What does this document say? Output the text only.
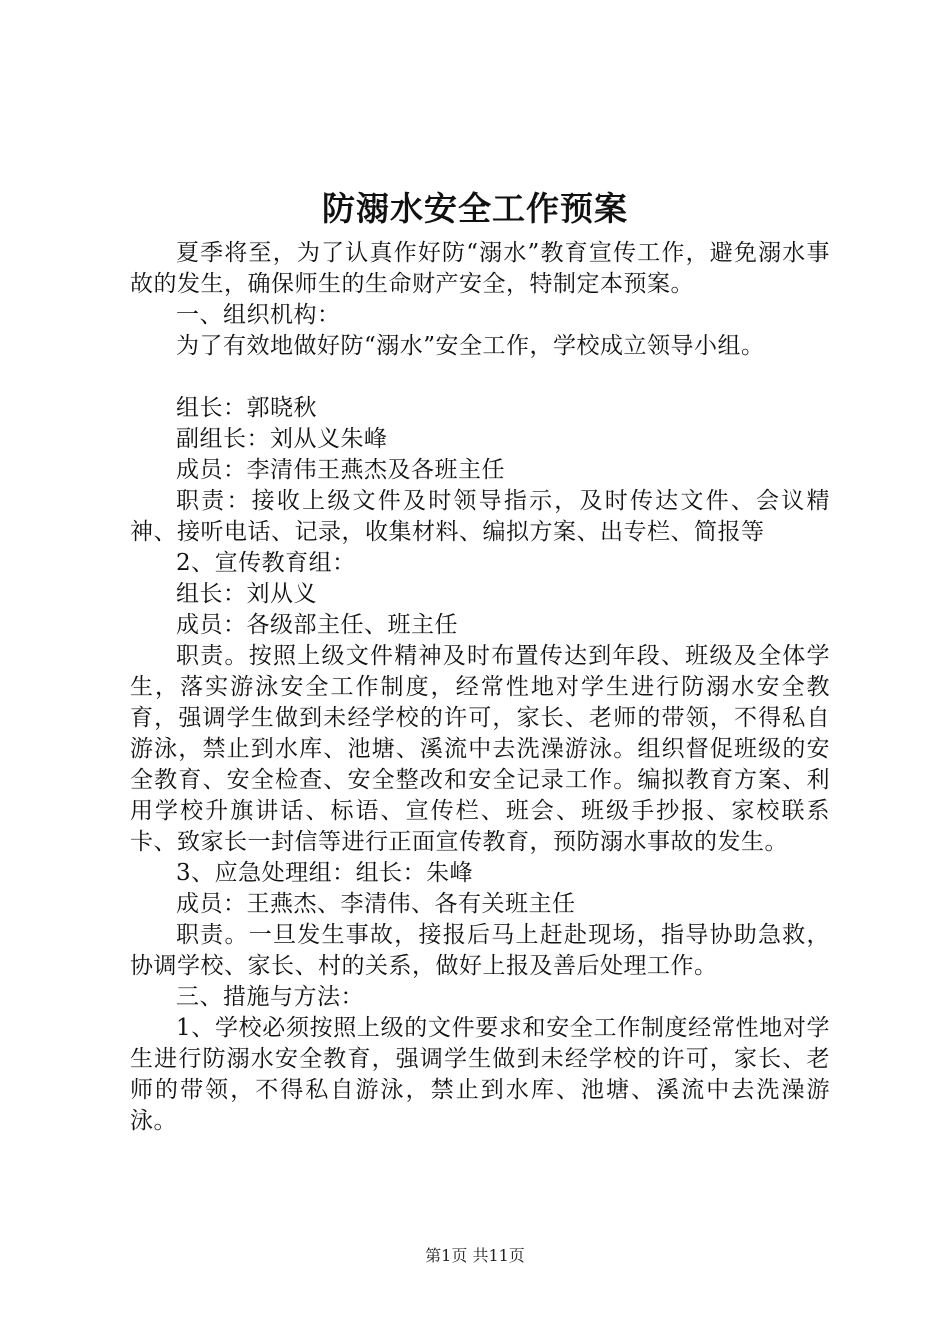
防溺水安全工作预案

夏季将至，为了认真作好防“溺水”教育宣传工作，避免溺水事故的发生，确保师生的生命财产安全，特制定本预案。

一、组织机构：

为了有效地做好防“溺水”安全工作，学校成立领导小组。

组长：郭晓秋

副组长：刘从义朱峰

成员：李清伟王燕杰及各班主任

职责：接收上级文件及时领导指示，及时传达文件、会议精神、接听电话、记录，收集材料、编拟方案、出专栏、简报等

2、宣传教育组：

组长：刘从义

成员：各级部主任、班主任

职责。按照上级文件精神及时布置传达到年段、班级及全体学生，落实游泳安全工作制度，经常性地对学生进行防溺水安全教育，强调学生做到未经学校的许可，家长、老师的带领，不得私自游泳，禁止到水库、池塘、溪流中去洗澡游泳。组织督促班级的安全教育、安全检查、安全整改和安全记录工作。编拟教育方案、利用学校升旗讲话、标语、宣传栏、班会、班级手抄报、家校联系卡、致家长一封信等进行正面宣传教育，预防溺水事故的发生。

3、应急处理组：组长：朱峰

成员：王燕杰、李清伟、各有关班主任

职责。一旦发生事故，接报后马上赶赴现场，指导协助急救，协调学校、家长、村的关系，做好上报及善后处理工作。

三、措施与方法：

1、学校必须按照上级的文件要求和安全工作制度经常性地对学生进行防溺水安全教育，强调学生做到未经学校的许可，家长、老师的带领，不得私自游泳，禁止到水库、池塘、溪流中去洗澡游泳。

第1页 共11页
